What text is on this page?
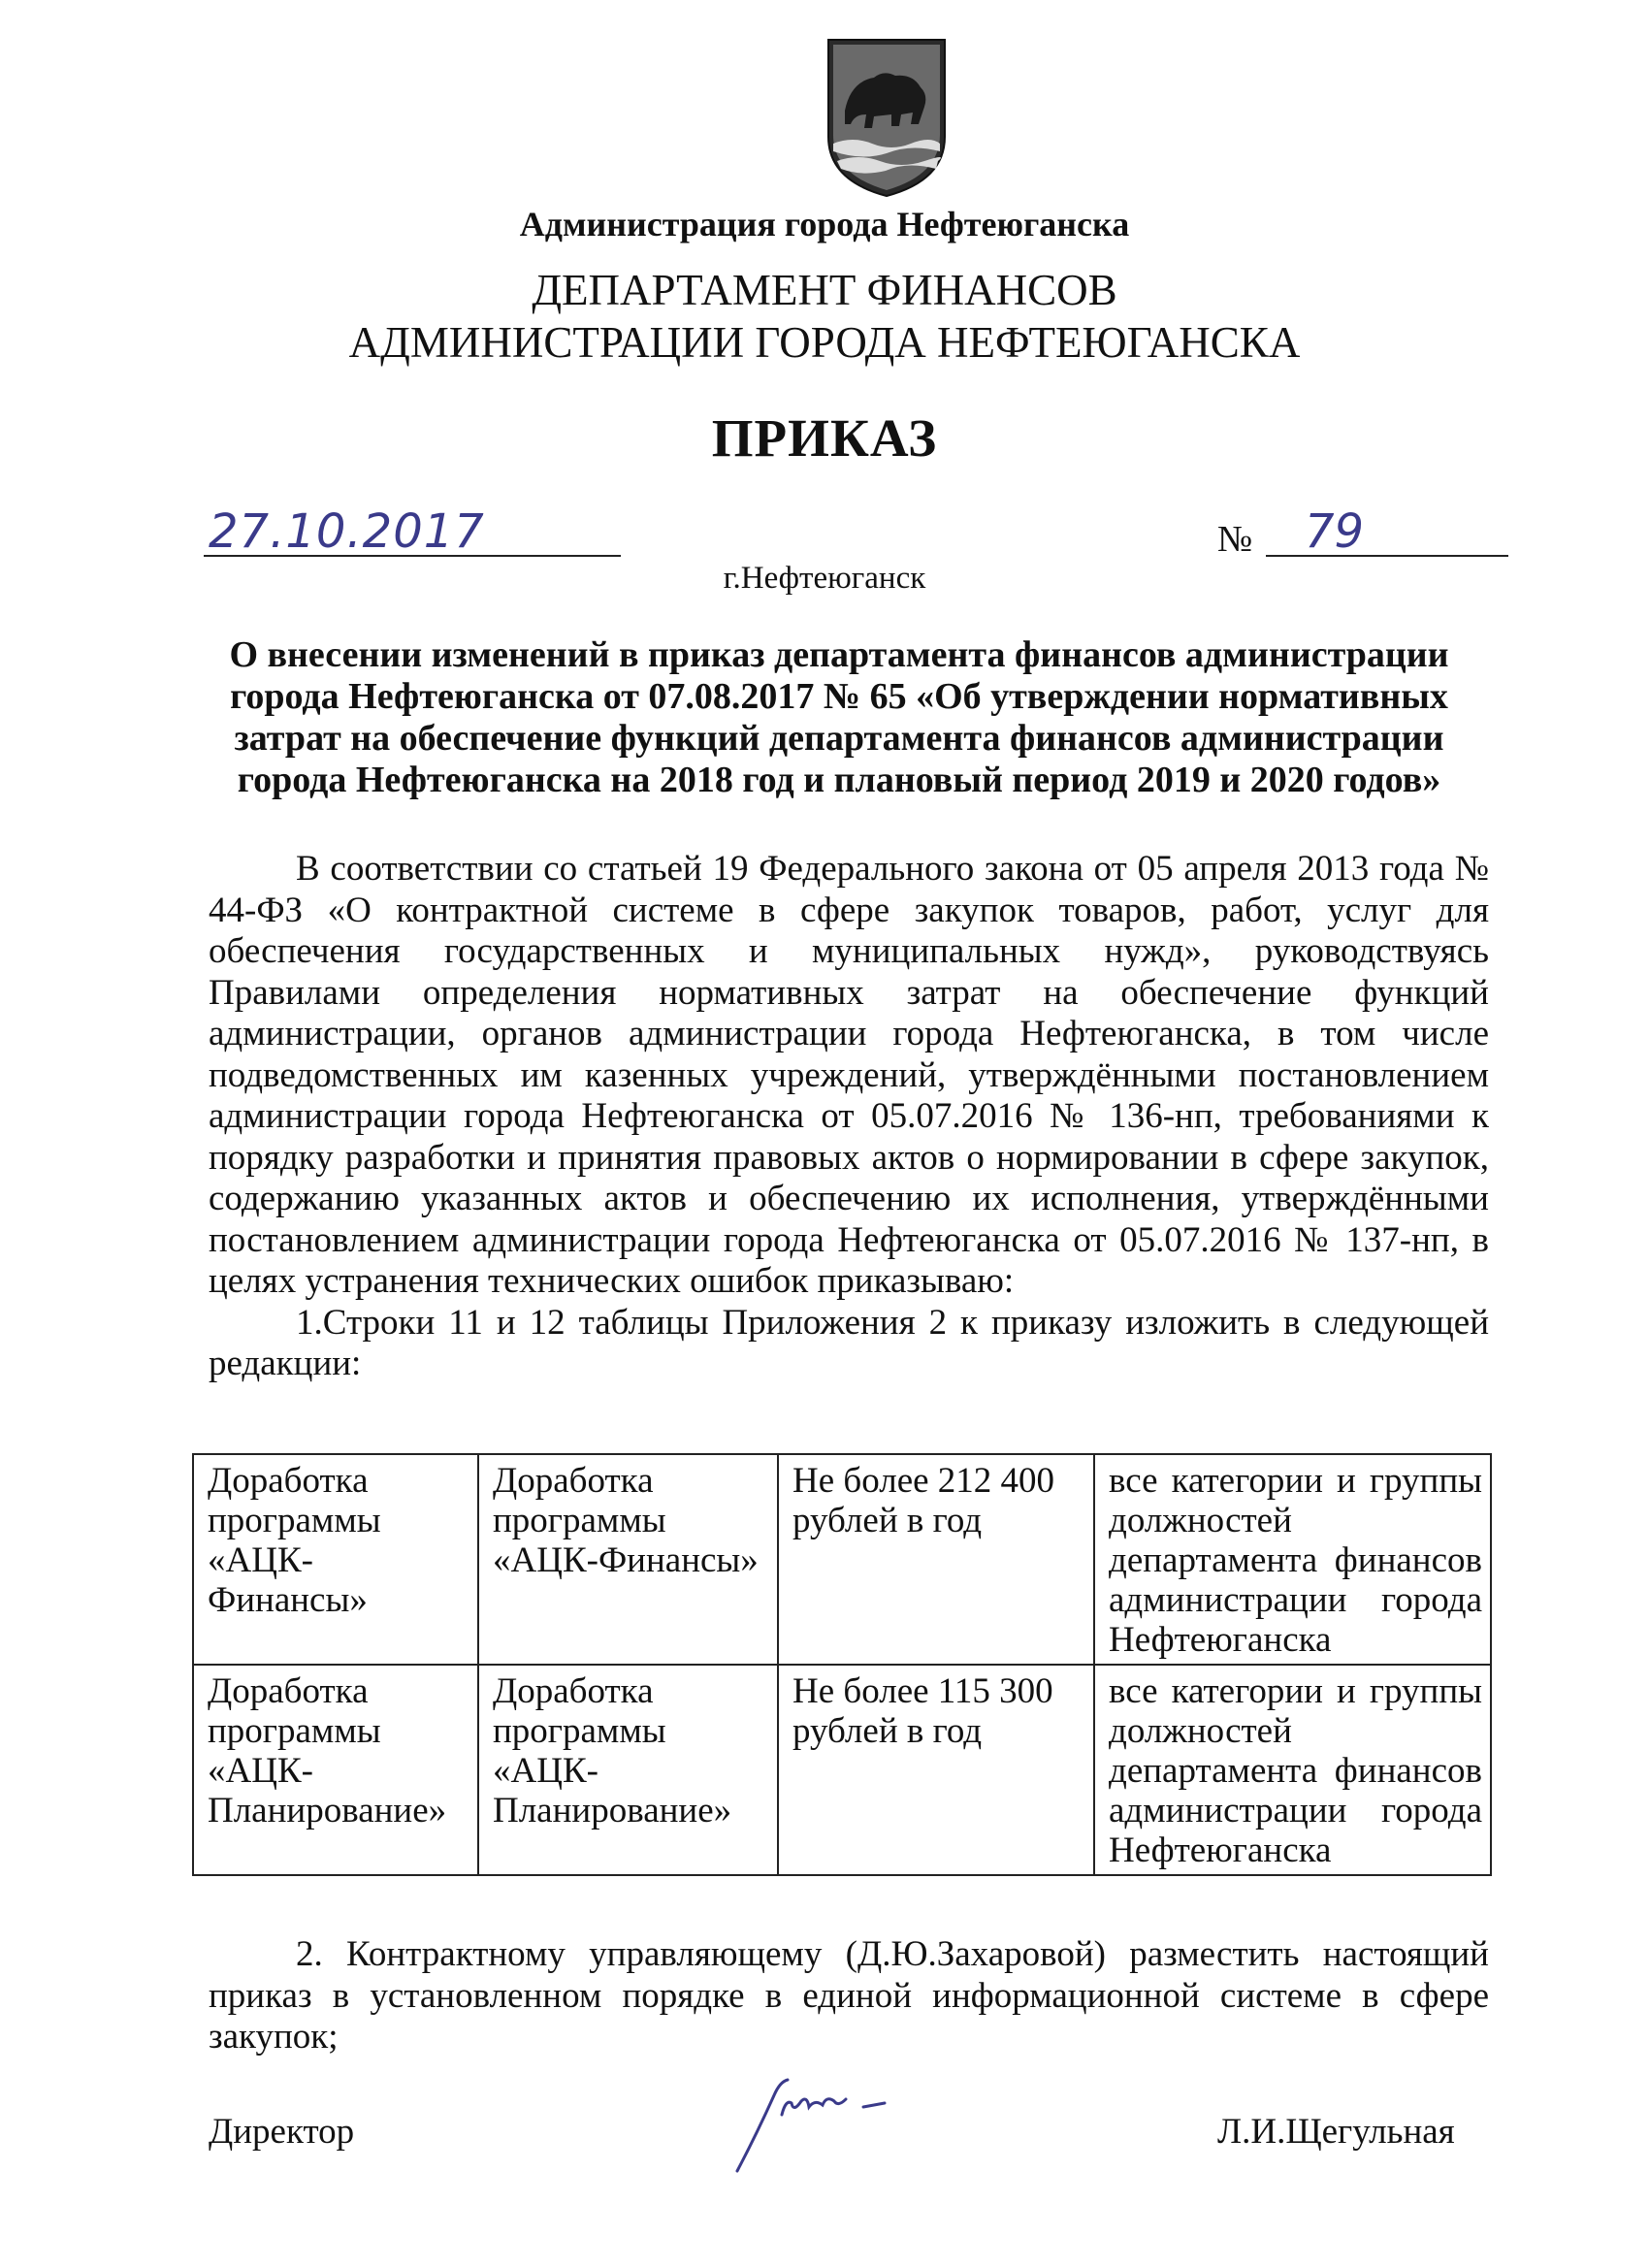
Администрация города Нефтеюганска
ДЕПАРТАМЕНТ ФИНАНСОВ
АДМИНИСТРАЦИИ ГОРОДА НЕФТЕЮГАНСКА
ПРИКАЗ
27.10.2017	№ 79
г.Нефтеюганск
О внесении изменений в приказ департамента финансов администрации города Нефтеюганска от 07.08.2017 № 65 «Об утверждении нормативных затрат на обеспечение функций департамента финансов администрации города Нефтеюганска на 2018 год и плановый период 2019 и 2020 годов»

В соответствии со статьей 19 Федерального закона от 05 апреля 2013 года № 44-ФЗ «О контрактной системе в сфере закупок товаров, работ, услуг для обеспечения государственных и муниципальных нужд», руководствуясь Правилами определения нормативных затрат на обеспечение функций администрации, органов администрации города Нефтеюганска, в том числе подведомственных им казенных учреждений, утверждёнными постановлением администрации города Нефтеюганска от 05.07.2016 № 136-нп, требованиями к порядку разработки и принятия правовых актов о нормировании в сфере закупок, содержанию указанных актов и обеспечению их исполнения, утверждёнными постановлением администрации города Нефтеюганска от 05.07.2016 № 137-нп, в целях устранения технических ошибок приказываю:

1.Строки 11 и 12 таблицы Приложения 2 к приказу изложить в следующей редакции:

Доработка программы «АЦК-Финансы»	Доработка программы «АЦК-Финансы»	Не более 212 400 рублей в год	все категории и группы должностей департамента финансов администрации города Нефтеюганска
Доработка программы «АЦК-Планирование»	Доработка программы «АЦК-Планирование»	Не более 115 300 рублей в год	все категории и группы должностей департамента финансов администрации города Нефтеюганска

2. Контрактному управляющему (Д.Ю.Захаровой) разместить настоящий приказ в установленном порядке в единой информационной системе в сфере закупок;

Директор	Л.И.Щегульная
